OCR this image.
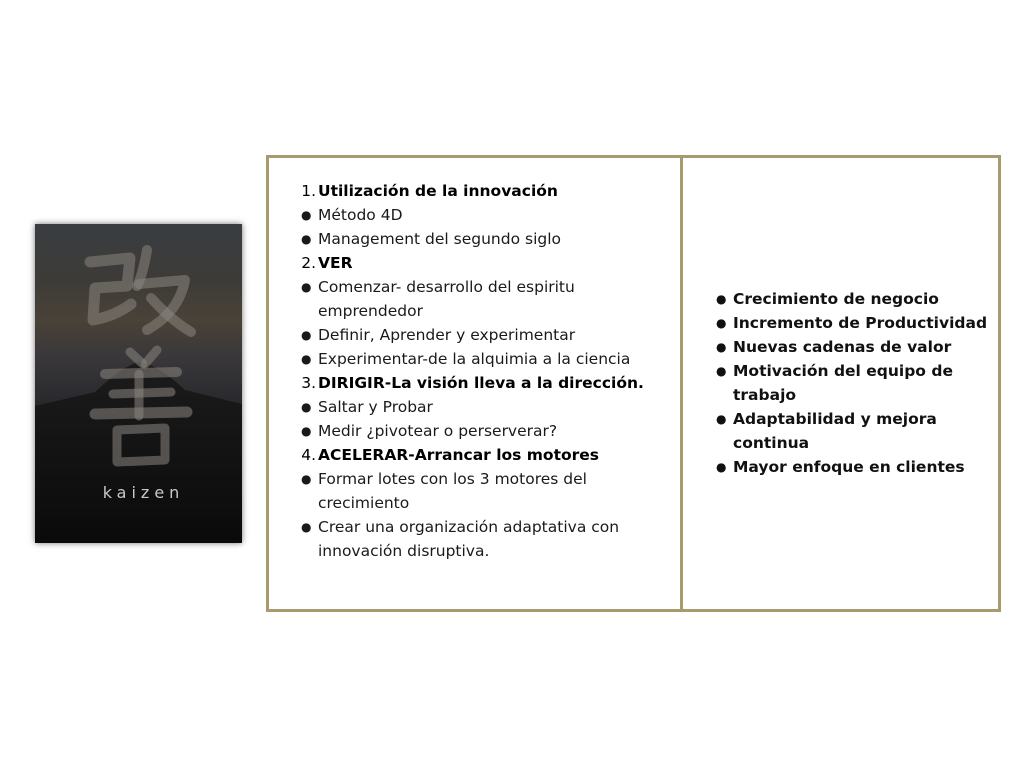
kaizen
1. Utilización de la innovación
● Método 4D
● Management del segundo siglo
2. VER
● Comenzar- desarrollo del espiritu emprendedor
● Definir, Aprender y experimentar
● Experimentar-de la alquimia a la ciencia
3. DIRIGIR-La visión lleva a la dirección.
● Saltar y Probar
● Medir ¿pivotear o perserverar?
4. ACELERAR-Arrancar los motores
● Formar lotes con los 3 motores del crecimiento
● Crear una organización adaptativa con innovación disruptiva.
● Crecimiento de negocio
● Incremento de Productividad
● Nuevas cadenas de valor
● Motivación del equipo de trabajo
● Adaptabilidad y mejora continua
● Mayor enfoque en clientes
